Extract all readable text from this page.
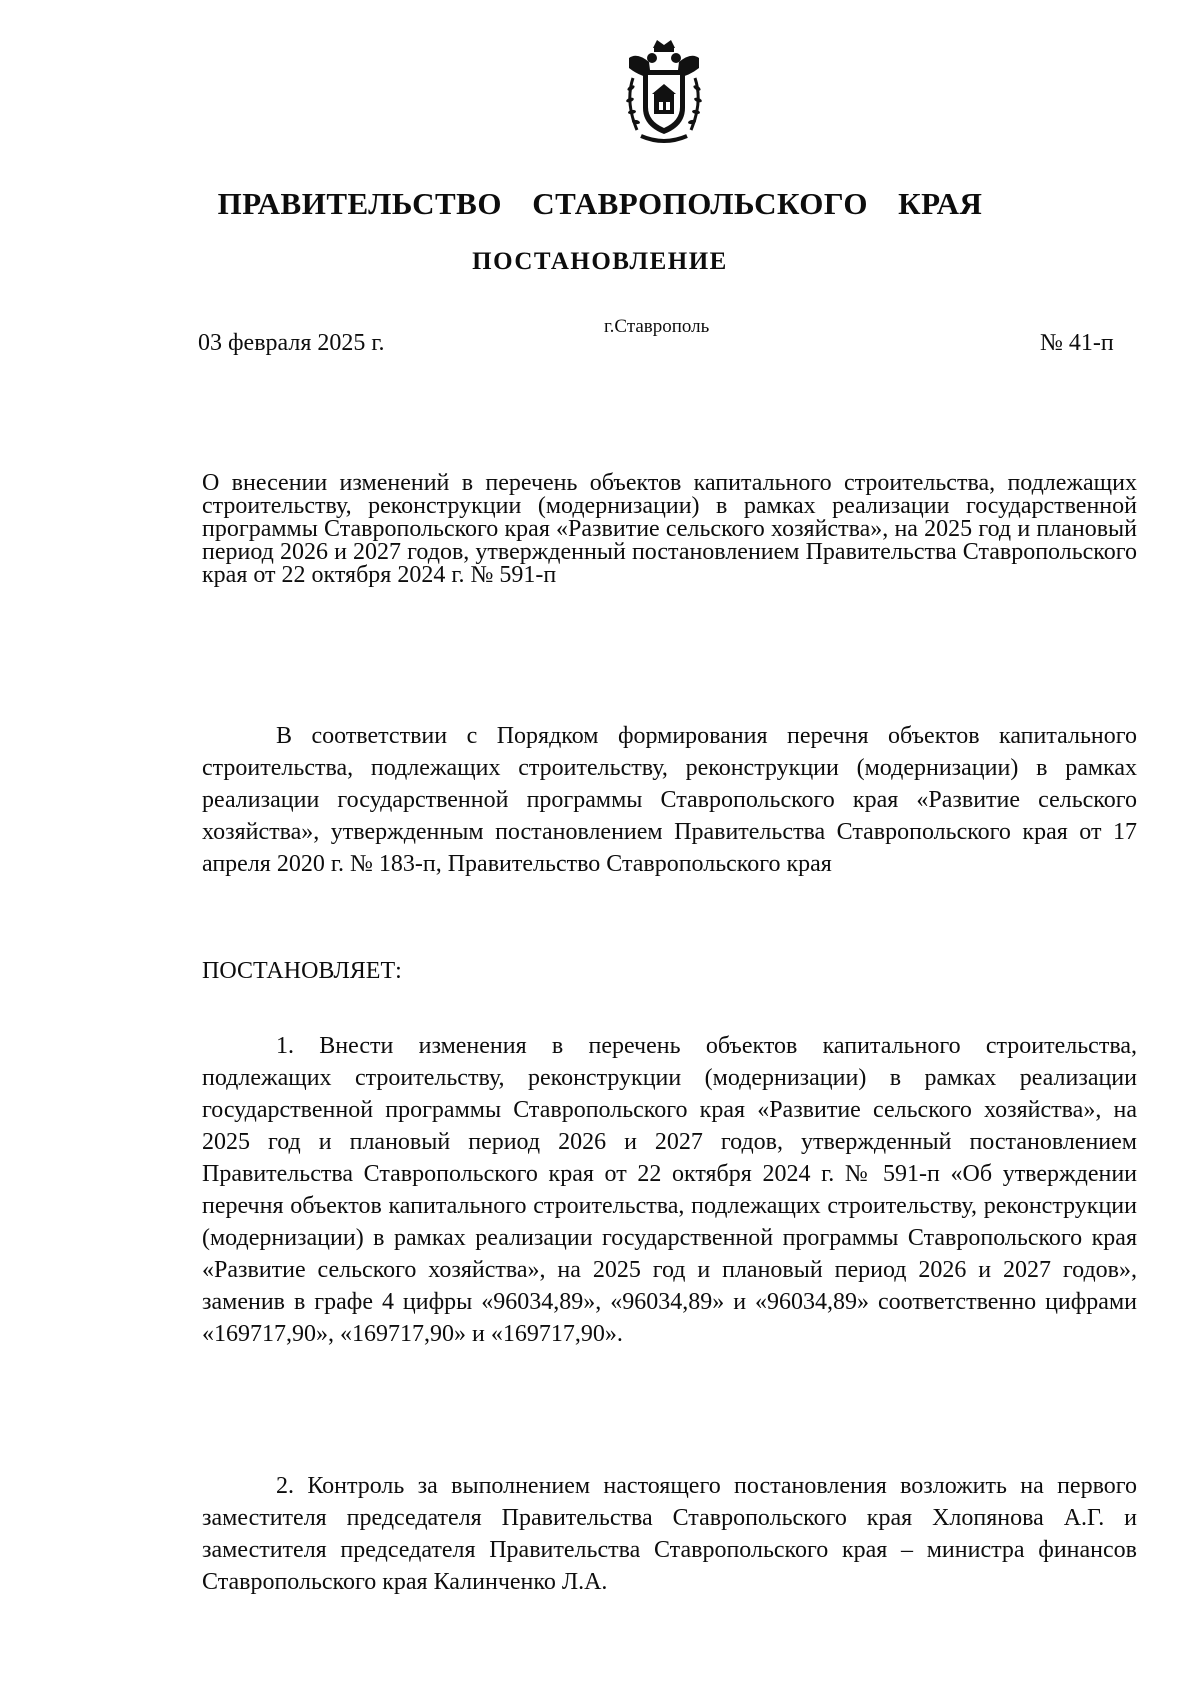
ПРАВИТЕЛЬСТВО СТАВРОПОЛЬСКОГО КРАЯ
ПОСТАНОВЛЕНИЕ
03 февраля 2025 г.
г.Ставрополь
№ 41-п

О внесении изменений в перечень объектов капитального строительства, подлежащих строительству, реконструкции (модернизации) в рамках реализации государственной программы Ставропольского края «Развитие сельского хозяйства», на 2025 год и плановый период 2026 и 2027 годов, утвержденный постановлением Правительства Ставропольского края от 22 октября 2024 г. № 591-п

В соответствии с Порядком формирования перечня объектов капитального строительства, подлежащих строительству, реконструкции (модернизации) в рамках реализации государственной программы Ставропольского края «Развитие сельского хозяйства», утвержденным постановлением Правительства Ставропольского края от 17 апреля 2020 г. № 183-п, Правительство Ставропольского края

ПОСТАНОВЛЯЕТ:

1. Внести изменения в перечень объектов капитального строительства, подлежащих строительству, реконструкции (модернизации) в рамках реализации государственной программы Ставропольского края «Развитие сельского хозяйства», на 2025 год и плановый период 2026 и 2027 годов, утвержденный постановлением Правительства Ставропольского края от 22 октября 2024 г. № 591-п «Об утверждении перечня объектов капитального строительства, подлежащих строительству, реконструкции (модернизации) в рамках реализации государственной программы Ставропольского края «Развитие сельского хозяйства», на 2025 год и плановый период 2026 и 2027 годов», заменив в графе 4 цифры «96034,89», «96034,89» и «96034,89» соответственно цифрами «169717,90», «169717,90» и «169717,90».

2. Контроль за выполнением настоящего постановления возложить на первого заместителя председателя Правительства Ставропольского края Хлопянова А.Г. и заместителя председателя Правительства Ставропольского края – министра финансов Ставропольского края Калинченко Л.А.
